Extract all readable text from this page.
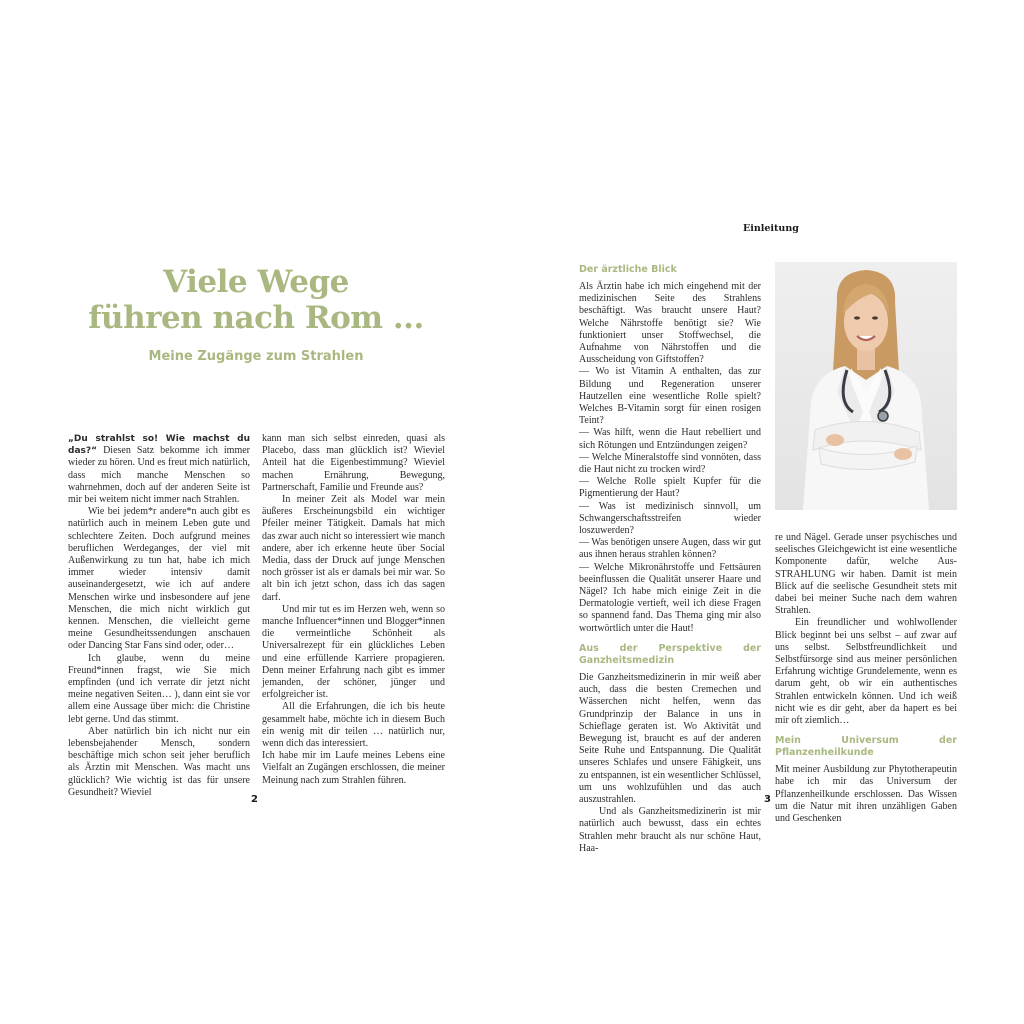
Viele Wege
führen nach Rom ...
Meine Zugänge zum Strahlen

„Du strahlst so! Wie machst du das?“ Diesen Satz bekomme ich immer wieder zu hören. Und es freut mich natürlich, dass mich manche Menschen so wahrnehmen, doch auf der anderen Seite ist mir bei weitem nicht immer nach Strahlen.

Wie bei jedem*r andere*n auch gibt es natürlich auch in meinem Leben gute und schlechtere Zeiten. Doch aufgrund meines beruflichen Werdeganges, der viel mit Außenwirkung zu tun hat, habe ich mich immer wieder intensiv damit auseinandergesetzt, wie ich auf andere Menschen wirke und insbesondere auf jene Menschen, die mich nicht wirklich gut kennen. Menschen, die vielleicht gerne meine Gesundheitssendungen anschauen oder Dancing Star Fans sind oder, oder…

Ich glaube, wenn du meine Freund*innen fragst, wie Sie mich empfinden (und ich verrate dir jetzt nicht meine negativen Seiten… ), dann eint sie vor allem eine Aussage über mich: die Christine lebt gerne. Und das stimmt.

Aber natürlich bin ich nicht nur ein lebensbejahender Mensch, sondern beschäftige mich schon seit jeher beruflich als Ärztin mit Menschen. Was macht uns glücklich? Wie wichtig ist das für unsere Gesundheit? Wieviel

kann man sich selbst einreden, quasi als Placebo, dass man glücklich ist? Wieviel Anteil hat die Eigenbestimmung? Wieviel machen Ernährung, Bewegung, Partnerschaft, Familie und Freunde aus?

In meiner Zeit als Model war mein äußeres Erscheinungsbild ein wichtiger Pfeiler meiner Tätigkeit. Damals hat mich das zwar auch nicht so interessiert wie manch andere, aber ich erkenne heute über Social Media, dass der Druck auf junge Menschen noch grösser ist als er damals bei mir war. So alt bin ich jetzt schon, dass ich das sagen darf.

Und mir tut es im Herzen weh, wenn so manche Influencer*innen und Blogger*innen die vermeintliche Schönheit als Universalrezept für ein glückliches Leben und eine erfüllende Karriere propagieren. Denn meiner Erfahrung nach gibt es immer jemanden, der schöner, jünger und erfolgreicher ist.

All die Erfahrungen, die ich bis heute gesammelt habe, möchte ich in diesem Buch ein wenig mit dir teilen … natürlich nur, wenn dich das interessiert.

Ich habe mir im Laufe meines Lebens eine Vielfalt an Zugängen erschlossen, die meiner Meinung nach zum Strahlen führen.

2
Einleitung
Der ärztliche Blick

Als Ärztin habe ich mich eingehend mit der medizinischen Seite des Strahlens beschäftigt. Was braucht unsere Haut? Welche Nährstoffe benötigt sie? Wie funktioniert unser Stoffwechsel, die Aufnahme von Nährstoffen und die Ausscheidung von Giftstoffen?

— Wo ist Vitamin A enthalten, das zur Bildung und Regeneration unserer Hautzellen eine wesentliche Rolle spielt? Welches B-Vitamin sorgt für einen rosigen Teint?

— Was hilft, wenn die Haut rebelliert und sich Rötungen und Entzündungen zeigen?

— Welche Mineralstoffe sind vonnöten, dass die Haut nicht zu trocken wird?

— Welche Rolle spielt Kupfer für die Pigmentierung der Haut?

— Was ist medizinisch sinnvoll, um Schwangerschaftsstreifen wieder loszuwerden?

— Was benötigen unsere Augen, dass wir gut aus ihnen heraus strahlen können?

— Welche Mikronährstoffe und Fettsäuren beeinflussen die Qualität unserer Haare und Nägel? Ich habe mich einige Zeit in die Dermatologie vertieft, weil ich diese Fragen so spannend fand. Das Thema ging mir also wortwörtlich unter die Haut!

Aus der Perspektive der Ganzheitsmedizin

Die Ganzheitsmedizinerin in mir weiß aber auch, dass die besten Cremechen und Wässerchen nicht helfen, wenn das Grundprinzip der Balance in uns in Schieflage geraten ist. Wo Aktivität und Bewegung ist, braucht es auf der anderen Seite Ruhe und Entspannung. Die Qualität unseres Schlafes und unsere Fähigkeit, uns zu entspannen, ist ein wesentlicher Schlüssel, um uns wohlzufühlen und das auch auszustrahlen.

Und als Ganzheitsmedizinerin ist mir natürlich auch bewusst, dass ein echtes Strahlen mehr braucht als nur schöne Haut, Haa-

re und Nägel. Gerade unser psychisches und seelisches Gleichgewicht ist eine wesentliche Komponente dafür, welche Aus-STRAHLUNG wir haben. Damit ist mein Blick auf die seelische Gesundheit stets mit dabei bei meiner Suche nach dem wahren Strahlen.

Ein freundlicher und wohlwollender Blick beginnt bei uns selbst – auf zwar auf uns selbst. Selbstfreundlichkeit und Selbstfürsorge sind aus meiner persönlichen Erfahrung wichtige Grundelemente, wenn es darum geht, ob wir ein authentisches Strahlen entwickeln können. Und ich weiß nicht wie es dir geht, aber da hapert es bei mir oft ziemlich…

Mein Universum der Pflanzenheilkunde

Mit meiner Ausbildung zur Phytotherapeutin habe ich mir das Universum der Pflanzenheilkunde erschlossen. Das Wissen um die Natur mit ihren unzähligen Gaben und Geschenken

3
